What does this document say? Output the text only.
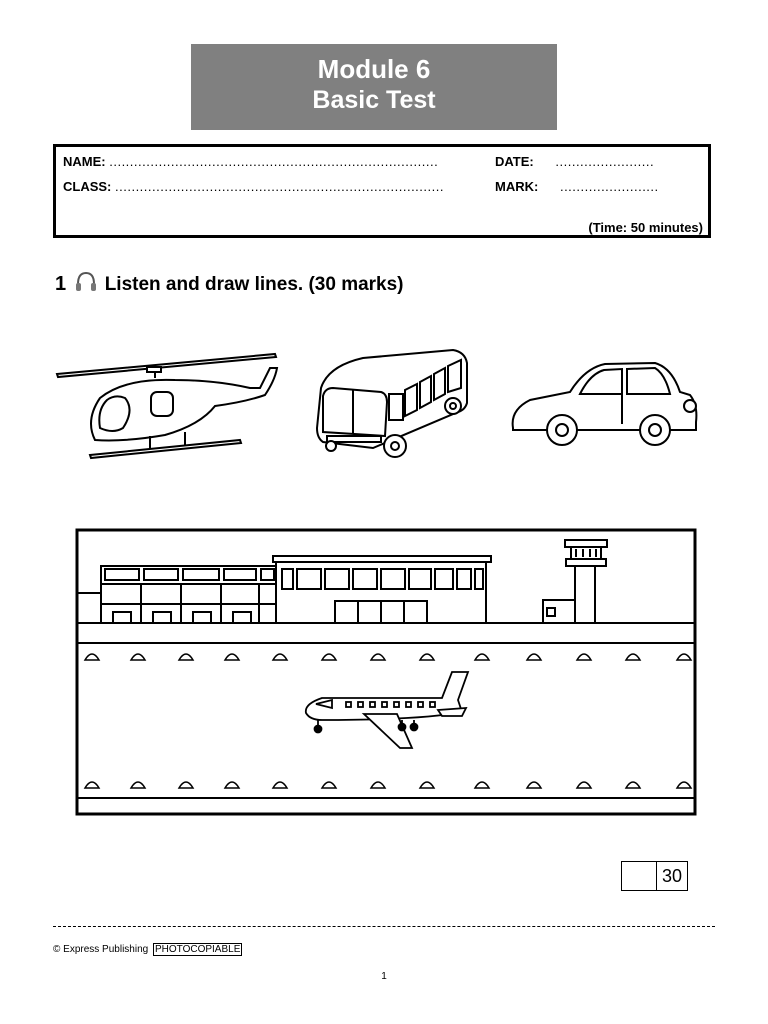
Module 6
Basic Test
NAME: ................................................................................	DATE: ........................
CLASS: ................................................................................	MARK: ........................
(Time: 50 minutes)
1 Listen and draw lines. (30 marks)
30
© Express Publishing PHOTOCOPIABLE
1
